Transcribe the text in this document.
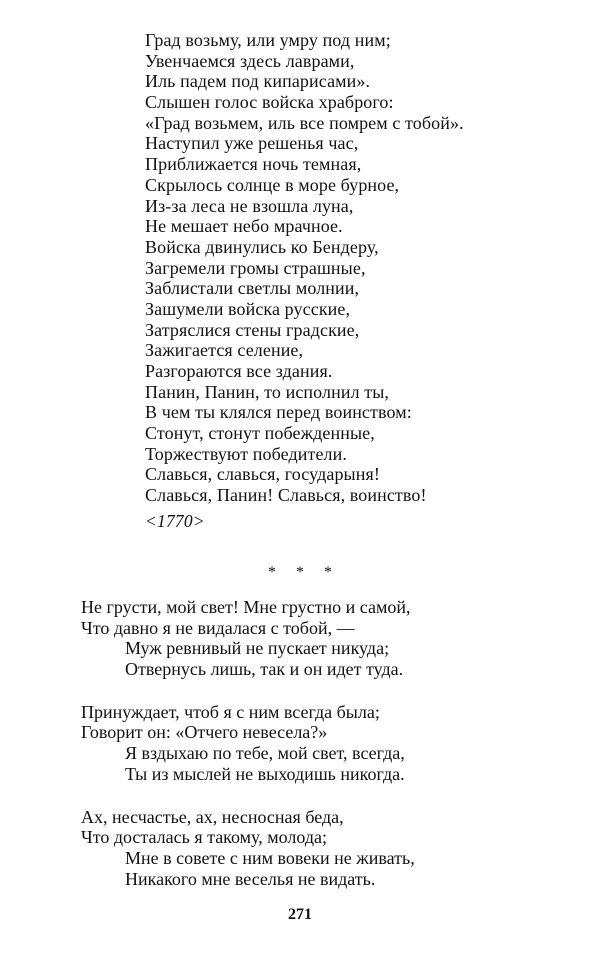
Град возьму, или умру под ним;
Увенчаемся здесь лаврами,
Иль падем под кипарисами».
Слышен голос войска храброго:
«Град возьмем, иль все помрем с тобой».
Наступил уже решенья час,
Приближается ночь темная,
Скрылось солнце в море бурное,
Из-за леса не взошла луна,
Не мешает небо мрачное.
Войска двинулись ко Бендеру,
Загремели громы страшные,
Заблистали светлы молнии,
Зашумели войска русские,
Затряслися стены градские,
Зажигается селение,
Разгораются все здания.
Панин, Панин, то исполнил ты,
В чем ты клялся перед воинством:
Стонут, стонут побежденные,
Торжествуют победители.
Славься, славься, государыня!
Славься, Панин! Славься, воинство!
<1770>
* * *
Не грусти, мой свет! Мне грустно и самой,
Что давно я не видалася с тобой, —
Муж ревнивый не пускает никуда;
Отвернусь лишь, так и он идет туда.
Принуждает, чтоб я с ним всегда была;
Говорит он: «Отчего невесела?»
Я вздыхаю по тебе, мой свет, всегда,
Ты из мыслей не выходишь никогда.
Ах, несчастье, ах, несносная беда,
Что досталась я такому, молода;
Мне в совете с ним вовеки не живать,
Никакого мне веселья не видать.
271
